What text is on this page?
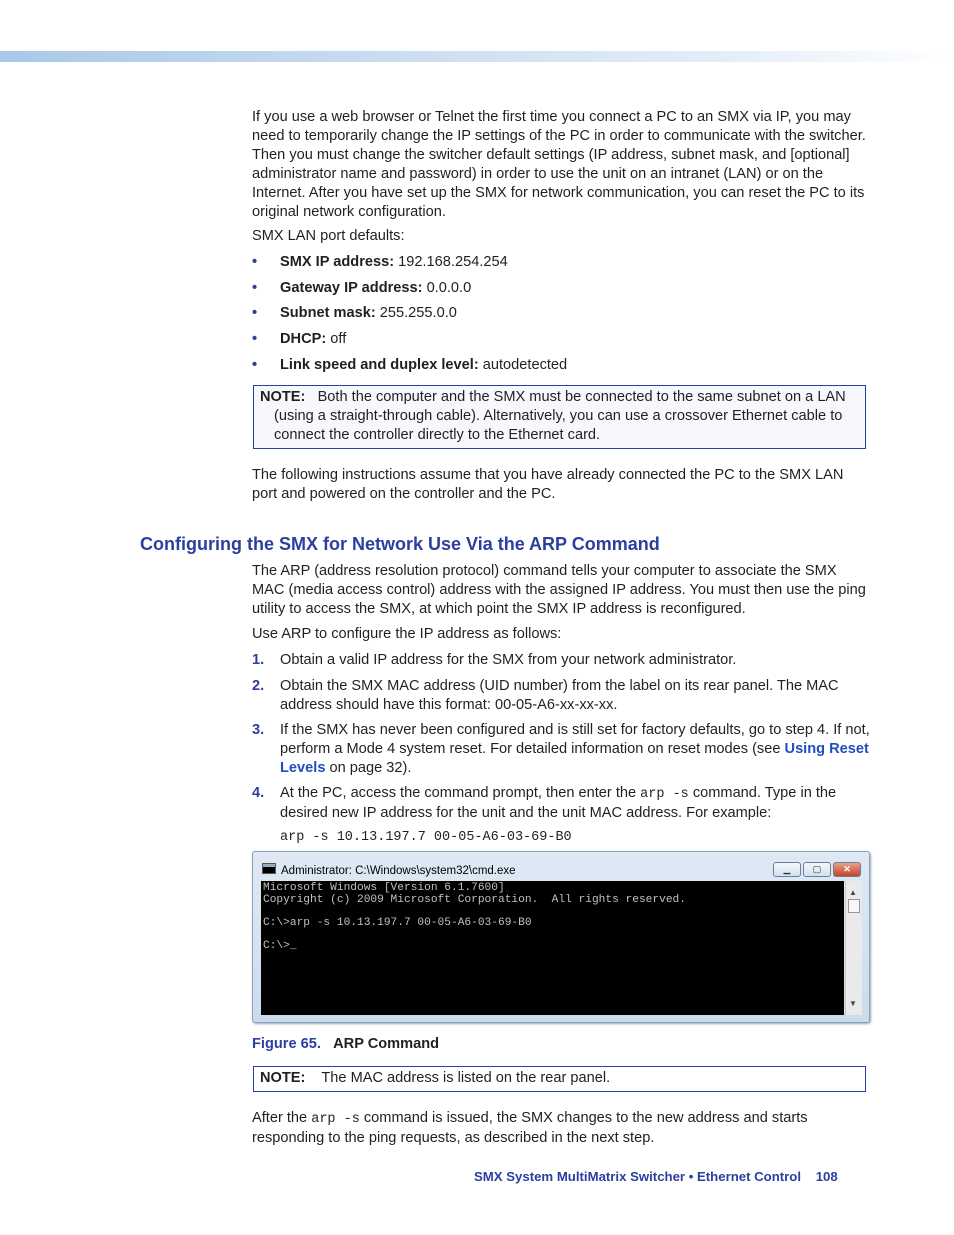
If you use a web browser or Telnet the first time you connect a PC to an SMX via IP, you may need to temporarily change the IP settings of the PC in order to communicate with the switcher. Then you must change the switcher default settings (IP address, subnet mask, and [optional] administrator name and password) in order to use the unit on an intranet (LAN) or on the Internet. After you have set up the SMX for network communication, you can reset the PC to its original network configuration.

SMX LAN port defaults:

• SMX IP address: 192.168.254.254
• Gateway IP address: 0.0.0.0
• Subnet mask: 255.255.0.0
• DHCP: off
• Link speed and duplex level: autodetected

NOTE: Both the computer and the SMX must be connected to the same subnet on a LAN (using a straight-through cable). Alternatively, you can use a crossover Ethernet cable to connect the controller directly to the Ethernet card.

The following instructions assume that you have already connected the PC to the SMX LAN port and powered on the controller and the PC.

Configuring the SMX for Network Use Via the ARP Command

The ARP (address resolution protocol) command tells your computer to associate the SMX MAC (media access control) address with the assigned IP address. You must then use the ping utility to access the SMX, at which point the SMX IP address is reconfigured.

Use ARP to configure the IP address as follows:

1. Obtain a valid IP address for the SMX from your network administrator.
2. Obtain the SMX MAC address (UID number) from the label on its rear panel. The MAC address should have this format: 00-05-A6-xx-xx-xx.
3. If the SMX has never been configured and is still set for factory defaults, go to step 4. If not, perform a Mode 4 system reset. For detailed information on reset modes (see Using Reset Levels on page 32).
4. At the PC, access the command prompt, then enter the arp -s command. Type in the desired new IP address for the unit and the unit MAC address. For example:
arp -s 10.13.197.7 00-05-A6-03-69-B0
Administrator: C:\Windows\system32\cmd.exe	▁	▢	✕
Microsoft Windows [Version 6.1.7600]
Copyright (c) 2009 Microsoft Corporation.  All rights reserved.

C:\>arp -s 10.13.197.7 00-05-A6-03-69-B0

C:\>_
▲
▼
Figure 65. ARP Command

NOTE: The MAC address is listed on the rear panel.

After the arp -s command is issued, the SMX changes to the new address and starts responding to the ping requests, as described in the next step.

SMX System MultiMatrix Switcher • Ethernet Control 108
